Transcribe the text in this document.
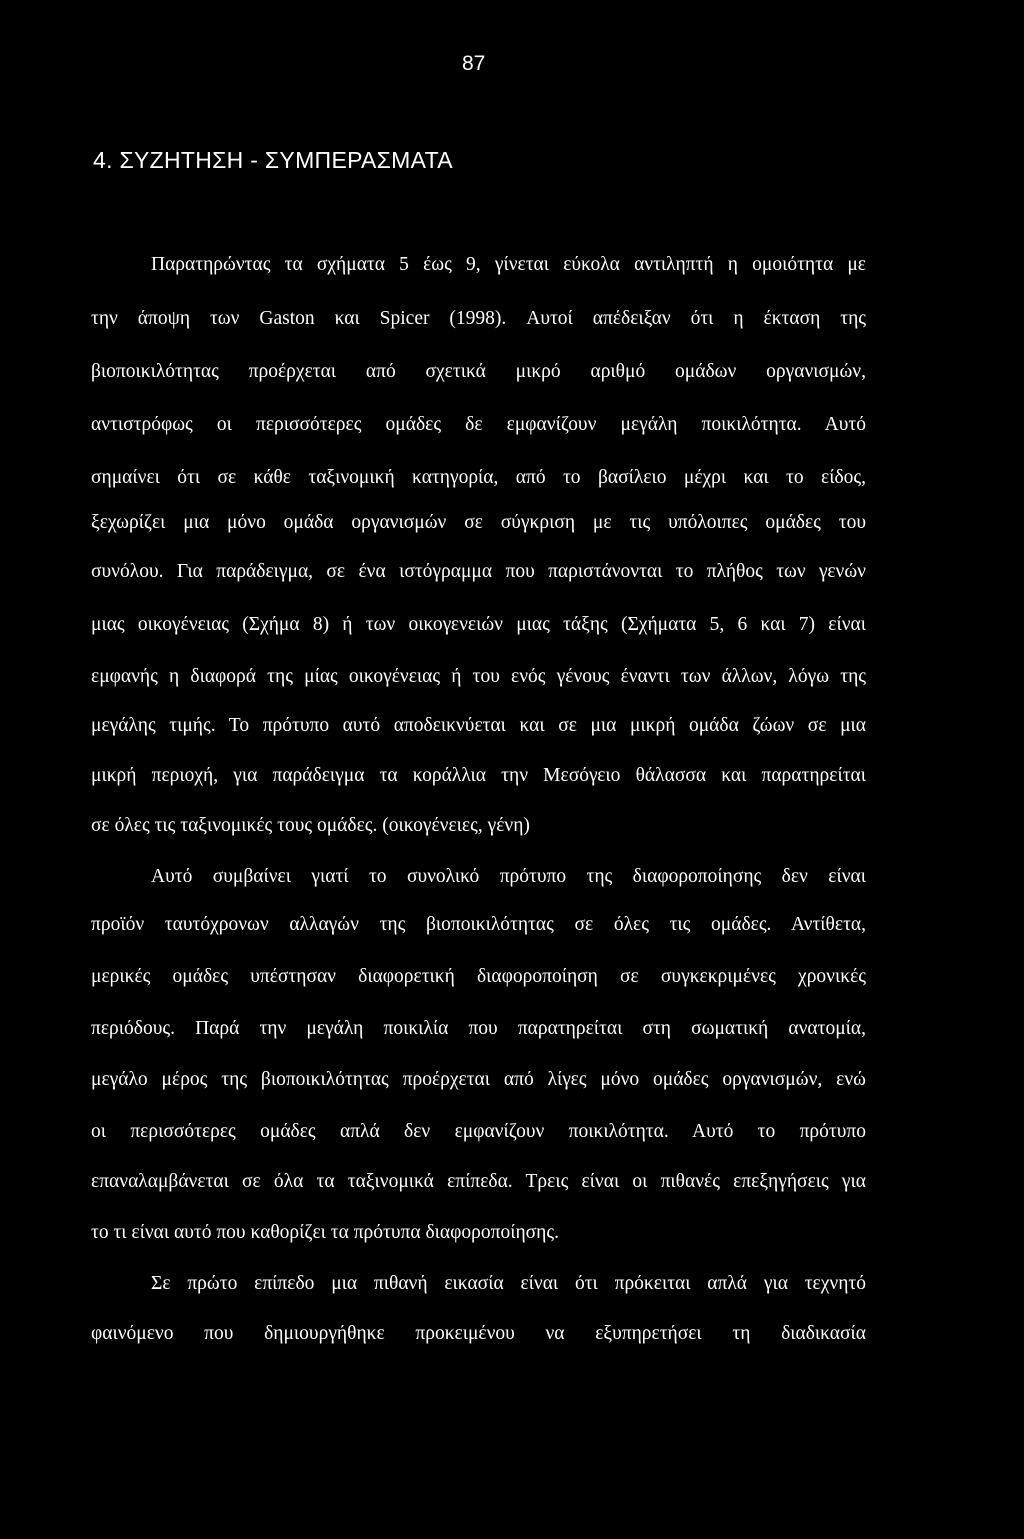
87
4. ΣΥΖΗΤΗΣΗ - ΣΥΜΠΕΡΑΣΜΑΤΑ
Παρατηρώντας τα σχήματα 5 έως 9, γίνεται εύκολα αντιληπτή η ομοιότητα με
την άποψη των Gaston και Spicer (1998). Αυτοί απέδειξαν ότι η έκταση της
βιοποικιλότητας προέρχεται από σχετικά μικρό αριθμό ομάδων οργανισμών,
αντιστρόφως οι περισσότερες ομάδες δε εμφανίζουν μεγάλη ποικιλότητα. Αυτό
σημαίνει ότι σε κάθε ταξινομική κατηγορία, από το βασίλειο μέχρι και το είδος,
ξεχωρίζει μια μόνο ομάδα οργανισμών σε σύγκριση με τις υπόλοιπες ομάδες του
συνόλου. Για παράδειγμα, σε ένα ιστόγραμμα που παριστάνονται το πλήθος των γενών
μιας οικογένειας (Σχήμα 8) ή των οικογενειών μιας τάξης (Σχήματα 5, 6 και 7) είναι
εμφανής η διαφορά της μίας οικογένειας ή του ενός γένους έναντι των άλλων, λόγω της
μεγάλης τιμής. Το πρότυπο αυτό αποδεικνύεται και σε μια μικρή ομάδα ζώων σε μια
μικρή περιοχή, για παράδειγμα τα κοράλλια την Μεσόγειο θάλασσα και παρατηρείται
σε όλες τις ταξινομικές τους ομάδες. (οικογένειες, γένη)
Αυτό συμβαίνει γιατί το συνολικό πρότυπο της διαφοροποίησης δεν είναι
προϊόν ταυτόχρονων αλλαγών της βιοποικιλότητας σε όλες τις ομάδες. Αντίθετα,
μερικές ομάδες υπέστησαν διαφορετική διαφοροποίηση σε συγκεκριμένες χρονικές
περιόδους. Παρά την μεγάλη ποικιλία που παρατηρείται στη σωματική ανατομία,
μεγάλο μέρος της βιοποικιλότητας προέρχεται από λίγες μόνο ομάδες οργανισμών, ενώ
οι περισσότερες ομάδες απλά δεν εμφανίζουν ποικιλότητα. Αυτό το πρότυπο
επαναλαμβάνεται σε όλα τα ταξινομικά επίπεδα. Τρεις είναι οι πιθανές επεξηγήσεις για
το τι είναι αυτό που καθορίζει τα πρότυπα διαφοροποίησης.
Σε πρώτο επίπεδο μια πιθανή εικασία είναι ότι πρόκειται απλά για τεχνητό
φαινόμενο που δημιουργήθηκε προκειμένου να εξυπηρετήσει τη διαδικασία
